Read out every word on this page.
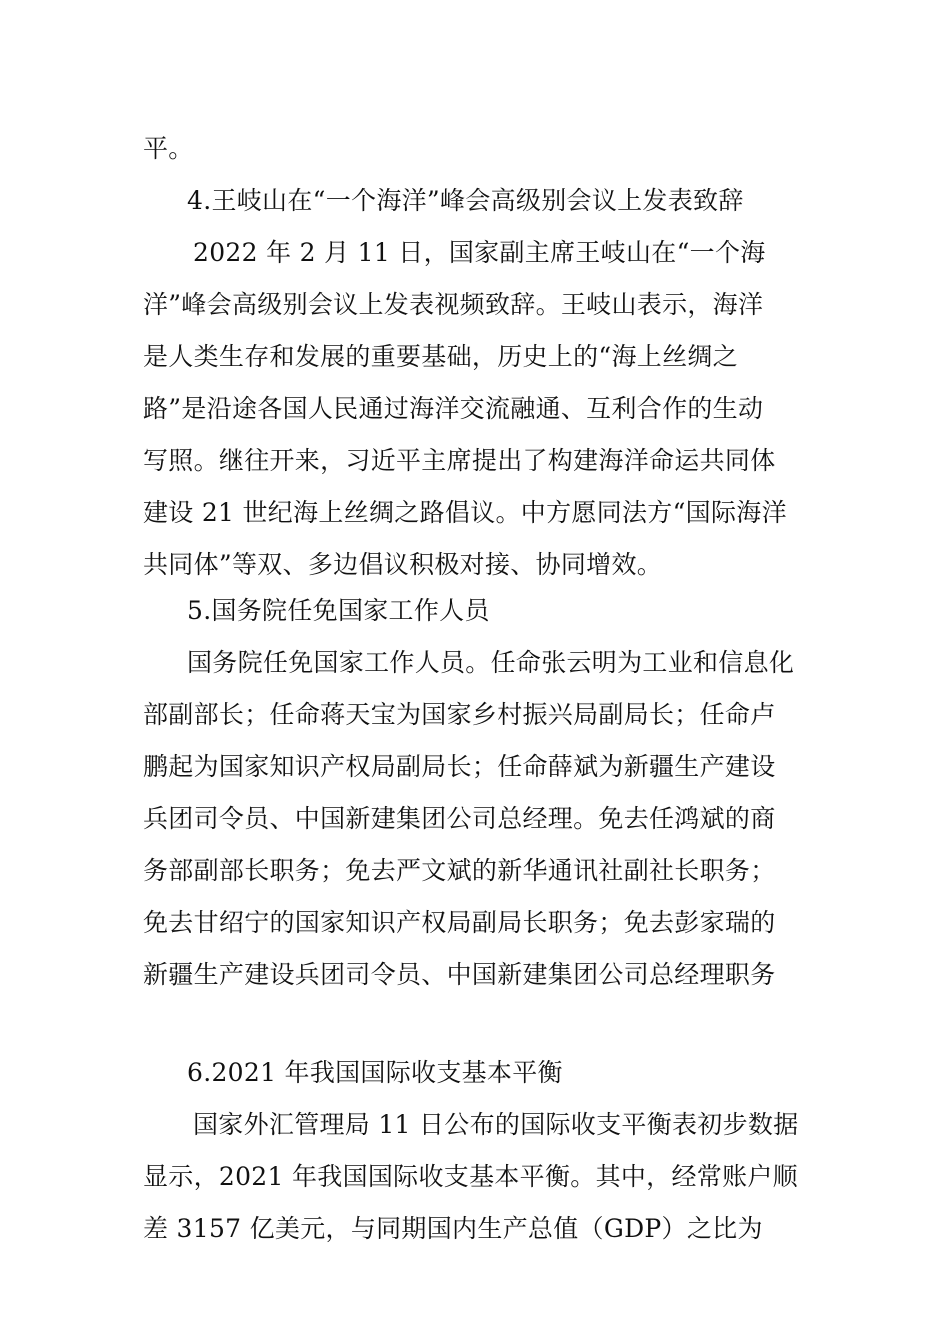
平。
4.王岐山在“一个海洋”峰会高级别会议上发表致辞
2022 年 2 月 11 日，国家副主席王岐山在“一个海
洋”峰会高级别会议上发表视频致辞。王岐山表示，海洋
是人类生存和发展的重要基础，历史上的“海上丝绸之
路”是沿途各国人民通过海洋交流融通、互利合作的生动
写照。继往开来，习近平主席提出了构建海洋命运共同体
建设 21 世纪海上丝绸之路倡议。中方愿同法方“国际海洋
共同体”等双、多边倡议积极对接、协同增效。
5.国务院任免国家工作人员
国务院任免国家工作人员。任命张云明为工业和信息化
部副部长；任命蒋天宝为国家乡村振兴局副局长；任命卢
鹏起为国家知识产权局副局长；任命薛斌为新疆生产建设
兵团司令员、中国新建集团公司总经理。免去任鸿斌的商
务部副部长职务；免去严文斌的新华通讯社副社长职务；
免去甘绍宁的国家知识产权局副局长职务；免去彭家瑞的
新疆生产建设兵团司令员、中国新建集团公司总经理职务
6.2021 年我国国际收支基本平衡
国家外汇管理局 11 日公布的国际收支平衡表初步数据
显示，2021 年我国国际收支基本平衡。其中，经常账户顺
差 3157 亿美元，与同期国内生产总值（GDP）之比为
